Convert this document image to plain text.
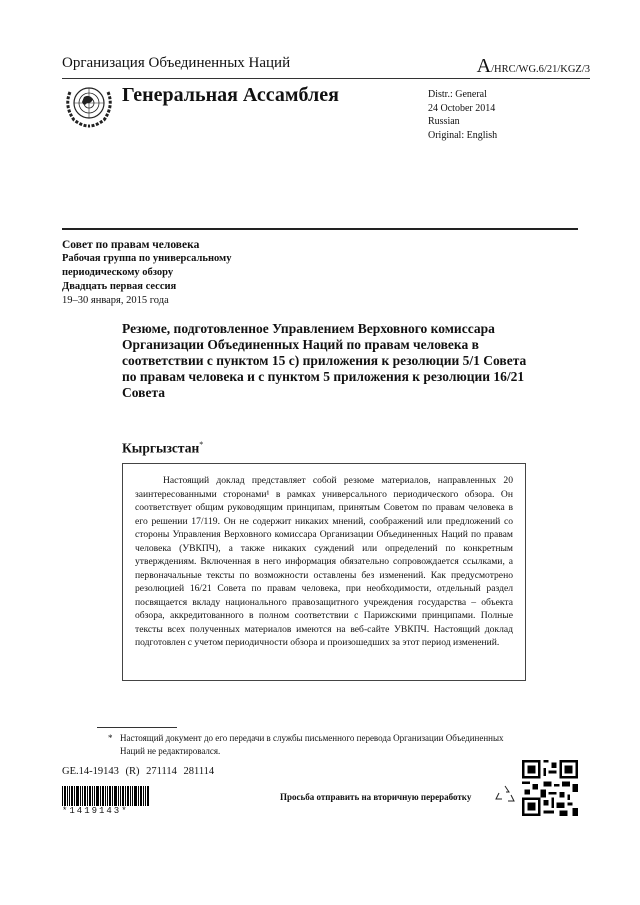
Организация Объединенных Наций	A/HRC/WG.6/21/KGZ/3
Генеральная Ассамблея	Distr.: General
24 October 2014
Russian
Original: English
Совет по правам человека
Рабочая группа по универсальному
периодическому обзору
Двадцать первая сессия
19–30 января, 2015 года
Резюме, подготовленное Управлением Верховного комиссара Организации Объединенных Наций по правам человека в соответствии с пунктом 15 c) приложения к резолюции 5/1 Совета по правам человека и с пунктом 5 приложения к резолюции 16/21 Совета
Кыргызстан*

Настоящий доклад представляет собой резюме материалов, направленных 20 заинтересованными сторонами¹ в рамках универсального периодического обзора. Он соответствует общим руководящим принципам, принятым Советом по правам человека в его решении 17/119. Он не содержит никаких мнений, соображений или предложений со стороны Управления Верховного комиссара Организации Объединенных Наций по правам человека (УВКПЧ), а также никаких суждений или определений по конкретным утверждениям. Включенная в него информация обязательно сопровождается ссылками, а первоначальные тексты по возможности оставлены без изменений. Как предусмотрено резолюцией 16/21 Совета по правам человека, при необходимости, отдельный раздел посвящается вкладу национального правозащитного учреждения государства – объекта обзора, аккредитованного в полном соответствии с Парижскими принципами. Полные тексты всех полученных материалов имеются на веб-сайте УВКПЧ. Настоящий доклад подготовлен с учетом периодичности обзора и произошедших за этот период изменений.

* Настоящий документ до его передачи в службы письменного перевода Организации Объединенных Наций не редактировался.
GE.14-19143 (R) 271114 281114
*1419143*
Просьба отправить на вторичную переработку
